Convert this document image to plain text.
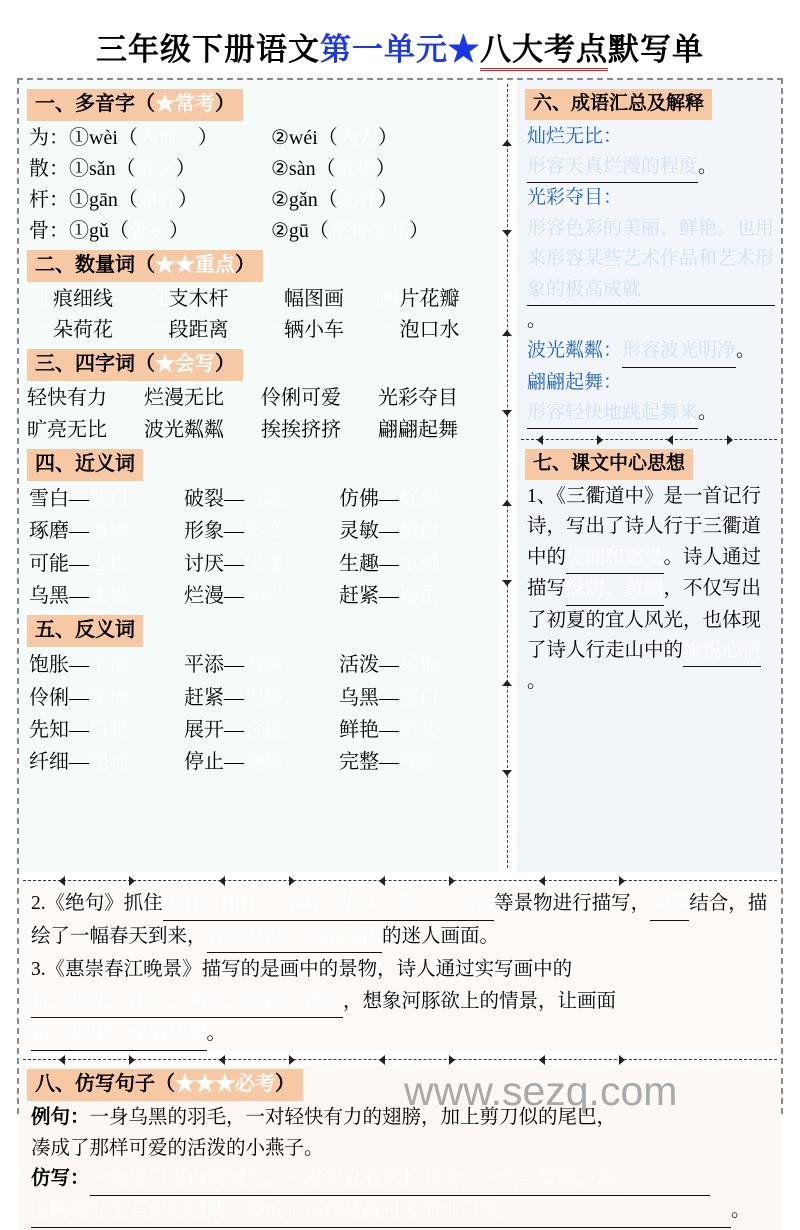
三年级下册语文第一单元★八大考点默写单
一、多音字（★常考）
为：①wèi（为什么）	②wéi（为人）
散：①sǎn（散文）	②sàn（散步）
杆：①gān（旗杆）	②gǎn（笔杆）
骨：①gǔ（骨头）	②gū（花骨朵儿）
二、数量词（★★重点）
几痕细线	几支木杆	一幅图画	两片花瓣
一朵荷花	一段距离	一辆小车	一泡口水
三、四字词（★会写）
轻快有力	烂漫无比	伶俐可爱	光彩夺目
旷亮无比	波光粼粼	挨挨挤挤	翩翩起舞
四、近义词
雪白—洁白	破裂—分裂	仿佛—好像
琢磨—考虑	形象—形态	灵敏—敏捷
可能—也许	讨厌—厌恶	生趣—生机
乌黑—漆黑	烂漫—灿烂	赶紧—连忙
五、反义词
饱胀—干瘪	平添—缩减	活泼—呆板
伶俐—笨拙	赶紧—迟缓	乌黑—雪白
先知—后觉	展开—合拢	鲜艳—暗淡
纤细—粗壮	停止—继续	完整—残缺
六、成语汇总及解释
灿烂无比：形容天真烂漫的程度。
光彩夺目：形容色彩的美丽、鲜艳。也用来形容某些艺术作品和艺术形象的极高成就。
波光粼粼：形容波光明净。
翩翩起舞：形容轻快地跳起舞来。
七、课文中心思想
1、《三衢道中》是一首记行诗，写出了诗人行于三衢道中的见闻和感受。诗人通过描写绿阴、黄鹂，不仅写出了初夏的宜人风光，也体现了诗人行走山中的愉悦心情。
2.《绝句》抓住迟日、山江、春风、花草、燕子、鸳鸯等景物进行描写，动静结合，描绘了一幅春天到来，万物复苏、山水秀丽的迷人画面。
3.《惠崇春江晚景》描写的是画中的景物，诗人通过实写画中的竹、桃花、江水、鸭子、蒌蒿、芦芽，想象河豚欲上的情景，让画面富有生机、充满情趣。
八、仿写句子（★★★必考）
例句：一身乌黑的羽毛，一对轻快有力的翅膀，加上剪刀似的尾巴，
凑成了那样可爱的活泼的小燕子。
仿写：一身雪白雪白的绒毛，一对尖立着的长耳朵，一张三瓣嘴，加
上两颗红宝石似的眼睛，凑成了那样活泼可爱的小白兔	。
www.sezq.com
